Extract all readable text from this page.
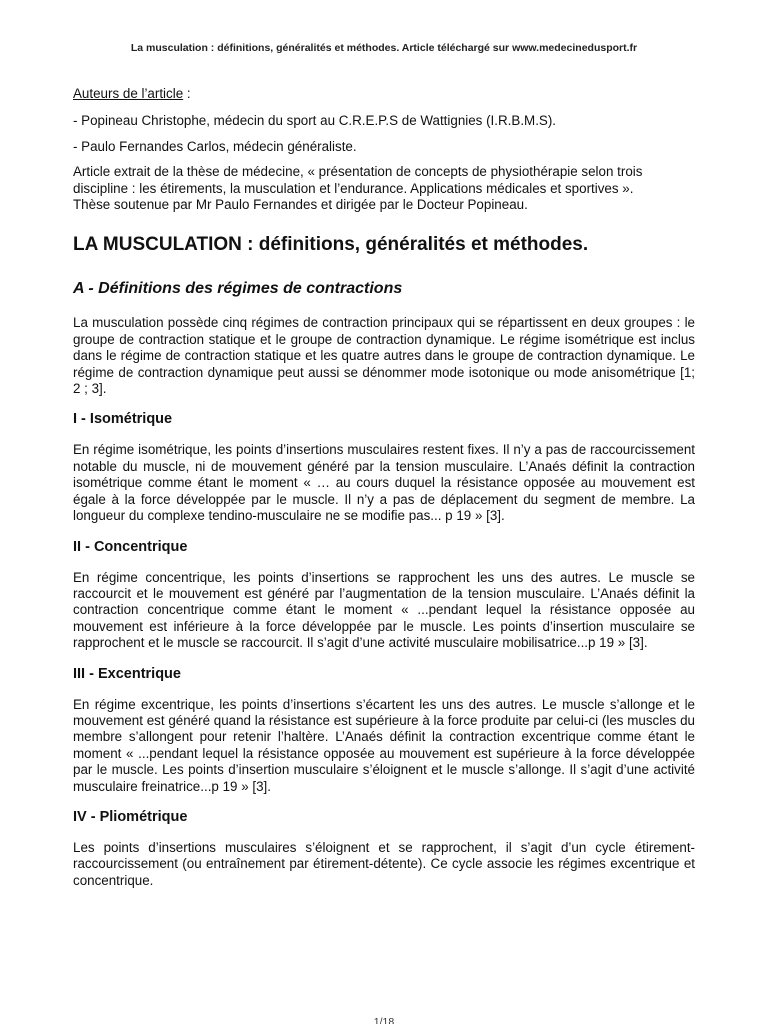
La musculation : définitions, généralités et méthodes. Article téléchargé sur www.medecinedusport.fr

Auteurs de l’article :

- Popineau Christophe, médecin du sport au C.R.E.P.S de Wattignies (I.R.B.M.S).

- Paulo Fernandes Carlos, médecin généraliste.

Article extrait de la thèse de médecine, « présentation de concepts de physiothérapie selon trois discipline : les étirements, la musculation et l’endurance. Applications médicales et sportives ».
Thèse soutenue par Mr Paulo Fernandes et dirigée par le Docteur Popineau.

LA MUSCULATION : définitions, généralités et méthodes.
A - Définitions des régimes de contractions

La musculation possède cinq régimes de contraction principaux qui se répartissent en deux groupes : le groupe de contraction statique et le groupe de contraction dynamique. Le régime isométrique est inclus dans le régime de contraction statique et les quatre autres dans le groupe de contraction dynamique. Le régime de contraction dynamique peut aussi se dénommer mode isotonique ou mode anisométrique [1; 2 ; 3].

I - Isométrique

En régime isométrique, les points d’insertions musculaires restent fixes. Il n’y a pas de raccourcissement notable du muscle, ni de mouvement généré par la tension musculaire. L’Anaés définit la contraction isométrique comme étant le moment « … au cours duquel la résistance opposée au mouvement est égale à la force développée par le muscle. Il n’y a pas de déplacement du segment de membre. La longueur du complexe tendino-musculaire ne se modifie pas... p 19 » [3].

II - Concentrique

En régime concentrique, les points d’insertions se rapprochent les uns des autres. Le muscle se raccourcit et le mouvement est généré par l’augmentation de la tension musculaire. L’Anaés définit la contraction concentrique comme étant le moment « ...pendant lequel la résistance opposée au mouvement est inférieure à la force développée par le muscle. Les points d’insertion musculaire se rapprochent et le muscle se raccourcit. Il s’agit d’une activité musculaire mobilisatrice...p 19 » [3].

III - Excentrique

En régime excentrique, les points d’insertions s’écartent les uns des autres. Le muscle s’allonge et le mouvement est généré quand la résistance est supérieure à la force produite par celui-ci (les muscles du membre s’allongent pour retenir l’haltère. L’Anaés définit la contraction excentrique comme étant le moment « ...pendant lequel la résistance opposée au mouvement est supérieure à la force développée par le muscle. Les points d’insertion musculaire s’éloignent et le muscle s’allonge. Il s’agit d’une activité musculaire freinatrice...p 19 » [3].

IV - Pliométrique

Les points d’insertions musculaires s’éloignent et se rapprochent, il s’agit d’un cycle étirement-raccourcissement (ou entraînement par étirement-détente). Ce cycle associe les régimes excentrique et concentrique.

1/18
